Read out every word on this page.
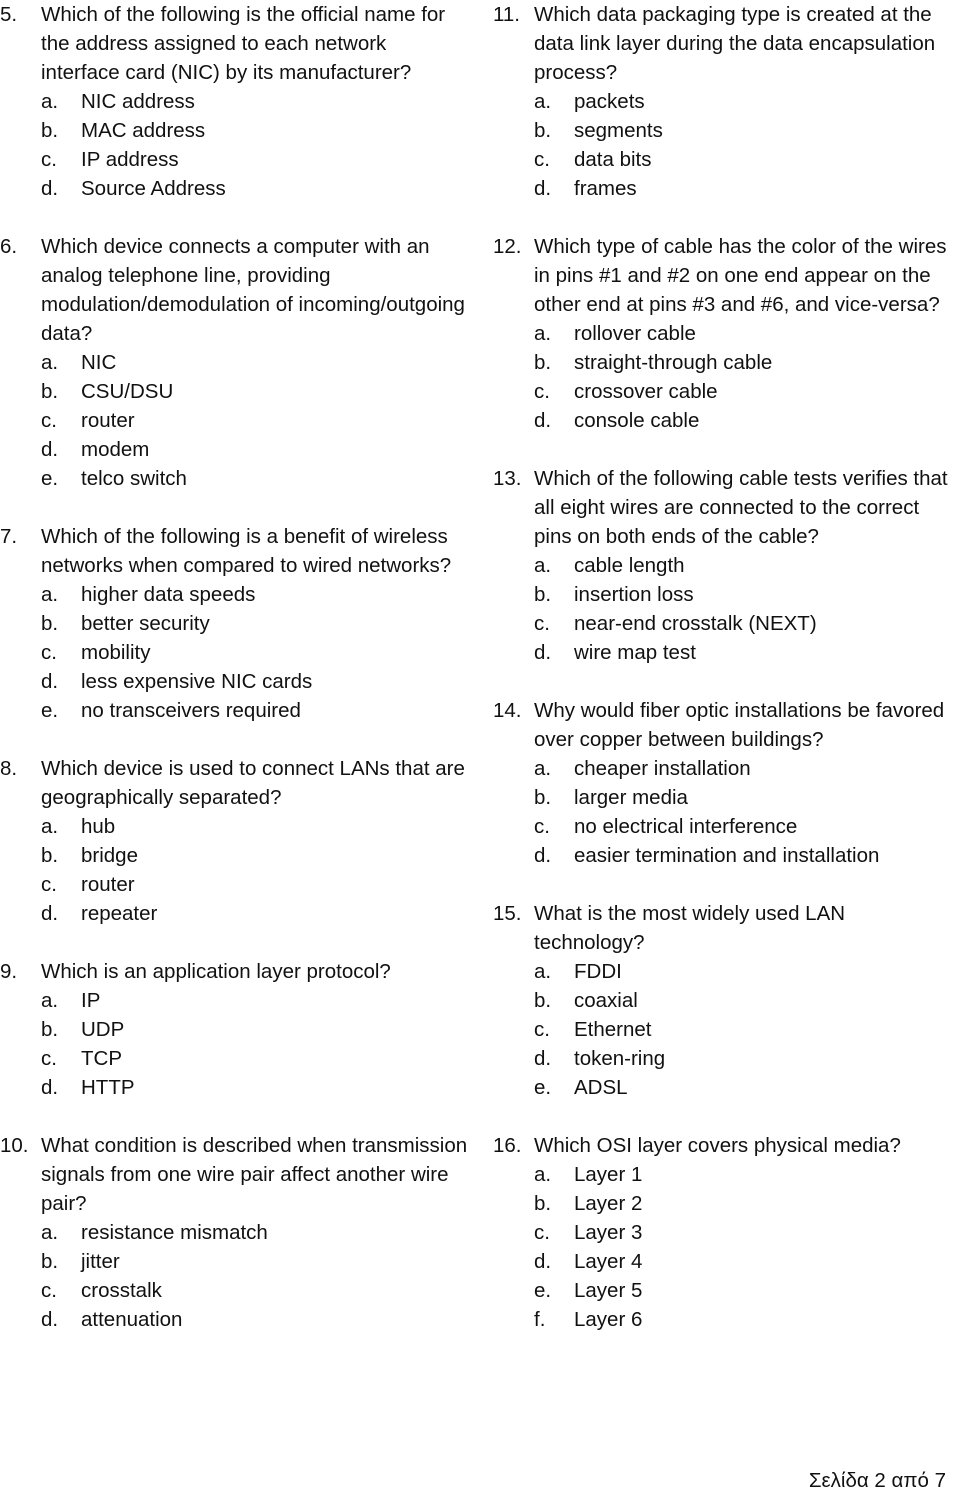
5.	Which of the following is the official name for the address assigned to each network interface card (NIC) by its manufacturer?
a.	NIC address
b.	MAC address
c.	IP address
d.	Source Address
6.	Which device connects a computer with an analog telephone line, providing modulation/demodulation of incoming/outgoing data?
a.	NIC
b.	CSU/DSU
c.	router
d.	modem
e.	telco switch
7.	Which of the following is a benefit of wireless networks when compared to wired networks?
a.	higher data speeds
b.	better security
c.	mobility
d.	less expensive NIC cards
e.	no transceivers required
8.	Which device is used to connect LANs that are geographically separated?
a.	hub
b.	bridge
c.	router
d.	repeater
9.	Which is an application layer protocol?
a.	IP
b.	UDP
c.	TCP
d.	HTTP
10. What condition is described when transmission signals from one wire pair affect another wire pair?
a.	resistance mismatch
b.	jitter
c.	crosstalk
d.	attenuation
11. Which data packaging type is created at the data link layer during the data encapsulation process?
a.	packets
b.	segments
c.	data bits
d.	frames
12. Which type of cable has the color of the wires in pins #1 and #2 on one end appear on the other end at pins #3 and #6, and vice-versa?
a.	rollover cable
b.	straight-through cable
c.	crossover cable
d.	console cable
13. Which of the following cable tests verifies that all eight wires are connected to the correct pins on both ends of the cable?
a.	cable length
b.	insertion loss
c.	near-end crosstalk (NEXT)
d.	wire map test
14. Why would fiber optic installations be favored over copper between buildings?
a.	cheaper installation
b.	larger media
c.	no electrical interference
d.	easier termination and installation
15. What is the most widely used LAN technology?
a.	FDDI
b.	coaxial
c.	Ethernet
d.	token-ring
e.	ADSL
16. Which OSI layer covers physical media?
a.	Layer 1
b.	Layer 2
c.	Layer 3
d.	Layer 4
e.	Layer 5
f.	Layer 6
Σελίδα 2 από 7
